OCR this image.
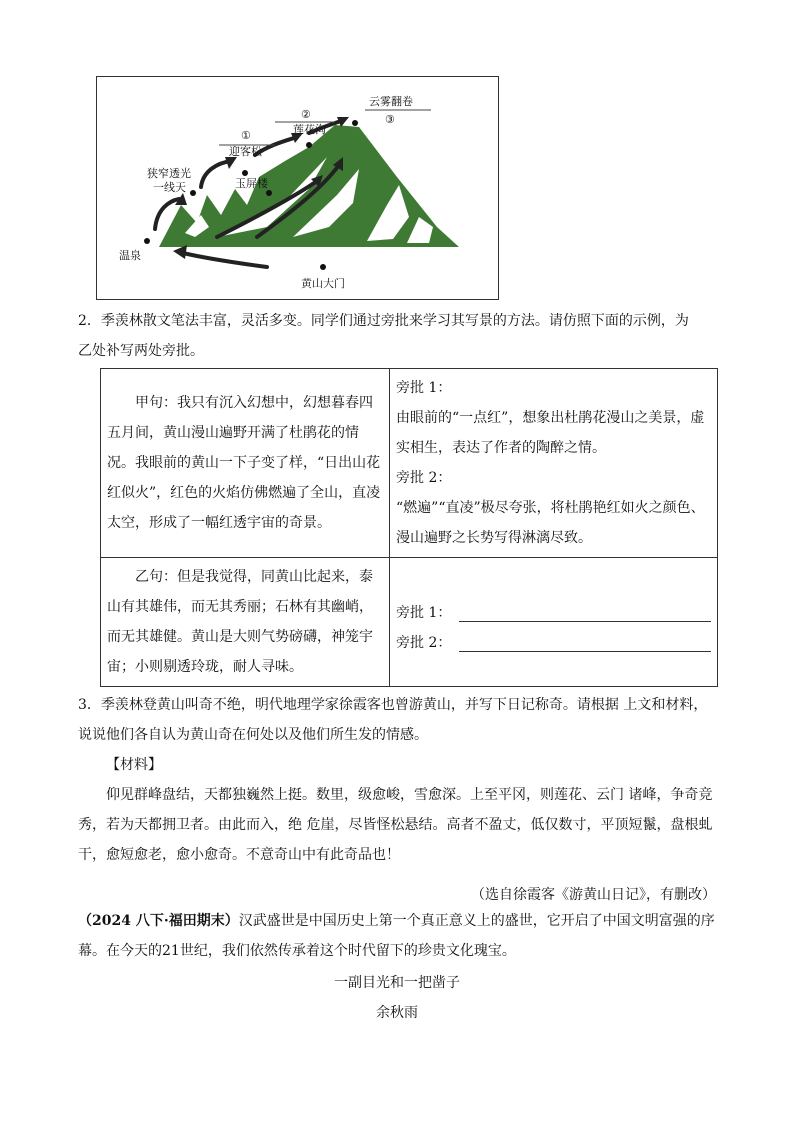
云雾翻卷
③
②
莲花沟
①
迎客松
狭窄透光
一线天	玉屏楼
温泉
黄山大门
2．季羡林散文笔法丰富，灵活多变。同学们通过旁批来学习其写景的方法。请仿照下面的示例，为
乙处补写两处旁批。
甲句：我只有沉入幻想中，幻想暮春四五月间，黄山漫山遍野开满了杜鹃花的情况。我眼前的黄山一下子变了样，“日出山花红似火”，红色的火焰仿佛燃遍了全山，直凌太空，形成了一幅红透宇宙的奇景。	旁批 1：
由眼前的“一点红”，想象出杜鹃花漫山之美景，虚实相生，表达了作者的陶醉之情。
旁批 2：
“燃遍”“直凌”极尽夸张，将杜鹃艳红如火之颜色、漫山遍野之长势写得淋漓尽致。

乙句：但是我觉得，同黄山比起来，泰山有其雄伟，而无其秀丽；石林有其幽峭，而无其雄健。黄山是大则气势磅礴，神笼宇宙；小则剔透玲珑，耐人寻味。	旁批 1：
旁批 2：
3．季羡林登黄山叫奇不绝，明代地理学家徐霞客也曾游黄山，并写下日记称奇。请根据 上文和材料，说说他们各自认为黄山奇在何处以及他们所生发的情感。
【材料】
仰见群峰盘结，天都独巍然上挺。数里，级愈峻，雪愈深。上至平冈，则莲花、云门 诸峰，争奇竞秀，若为天都拥卫者。由此而入，绝 危崖，尽皆怪松悬结。高者不盈丈，低仅数寸，平顶短鬣，盘根虬干，愈短愈老，愈小愈奇。不意奇山中有此奇品也！
（选自徐霞客《游黄山日记》，有删改）
（2024 八下·福田期末）汉武盛世是中国历史上第一个真正意义上的盛世，它开启了中国文明富强的序幕。在今天的21世纪，我们依然传承着这个时代留下的珍贵文化瑰宝。
一副目光和一把凿子
余秋雨
